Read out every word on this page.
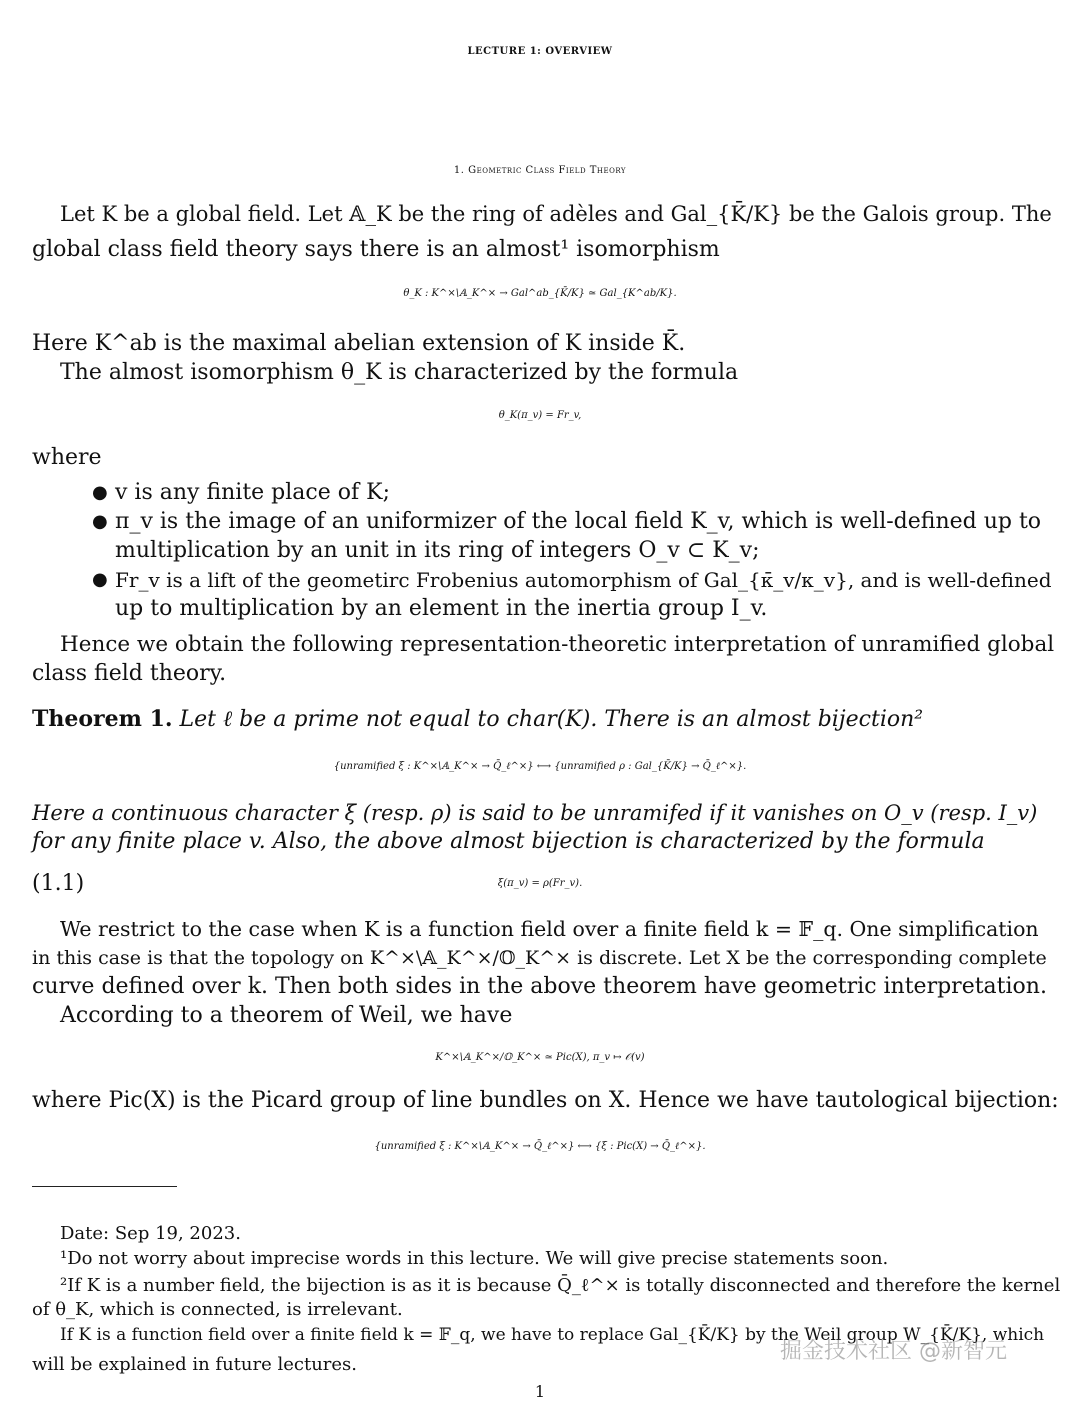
LECTURE 1: OVERVIEW
1. Geometric Class Field Theory
Let K be a global field. Let 𝔸_K be the ring of adèles and Gal_{K̄/K} be the Galois group. The
global class field theory says there is an almost¹ isomorphism
θ_K : K^×\𝔸_K^× → Gal^ab_{K̄/K} ≃ Gal_{K^ab/K}.
Here K^ab is the maximal abelian extension of K inside K̄.
The almost isomorphism θ_K is characterized by the formula
θ_K(π_v) = Fr_v,
where
● v is any finite place of K;
● π_v is the image of an uniformizer of the local field K_v, which is well-defined up to
multiplication by an unit in its ring of integers O_v ⊂ K_v;
● Fr_v is a lift of the geometirc Frobenius automorphism of Gal_{κ̄_v/κ_v}, and is well-defined
up to multiplication by an element in the inertia group I_v.
Hence we obtain the following representation-theoretic interpretation of unramified global
class field theory.
Theorem 1. Let ℓ be a prime not equal to char(K). There is an almost bijection²
{unramified ξ : K^×\𝔸_K^× → Q̄_ℓ^×} ⟷ {unramified ρ : Gal_{K̄/K} → Q̄_ℓ^×}.
Here a continuous character ξ (resp. ρ) is said to be unramifed if it vanishes on O_v (resp. I_v)
for any finite place v. Also, the above almost bijection is characterized by the formula
(1.1)	ξ(π_v) = ρ(Fr_v).
We restrict to the case when K is a function field over a finite field k = 𝔽_q. One simplification
in this case is that the topology on K^×\𝔸_K^×/𝕆_K^× is discrete. Let X be the corresponding complete
curve defined over k. Then both sides in the above theorem have geometric interpretation.
According to a theorem of Weil, we have
K^×\𝔸_K^×/𝕆_K^× ≃ Pic(X), π_v ↦ 𝒪(v)
where Pic(X) is the Picard group of line bundles on X. Hence we have tautological bijection:
{unramified ξ : K^×\𝔸_K^× → Q̄_ℓ^×} ⟷ {ξ : Pic(X) → Q̄_ℓ^×}.
Date: Sep 19, 2023.
¹Do not worry about imprecise words in this lecture. We will give precise statements soon.
²If K is a number field, the bijection is as it is because Q̄_ℓ^× is totally disconnected and therefore the kernel
of θ_K, which is connected, is irrelevant.
If K is a function field over a finite field k = 𝔽_q, we have to replace Gal_{K̄/K} by the Weil group W_{K̄/K}, which
will be explained in future lectures.
掘金技术社区 @新智元
1
